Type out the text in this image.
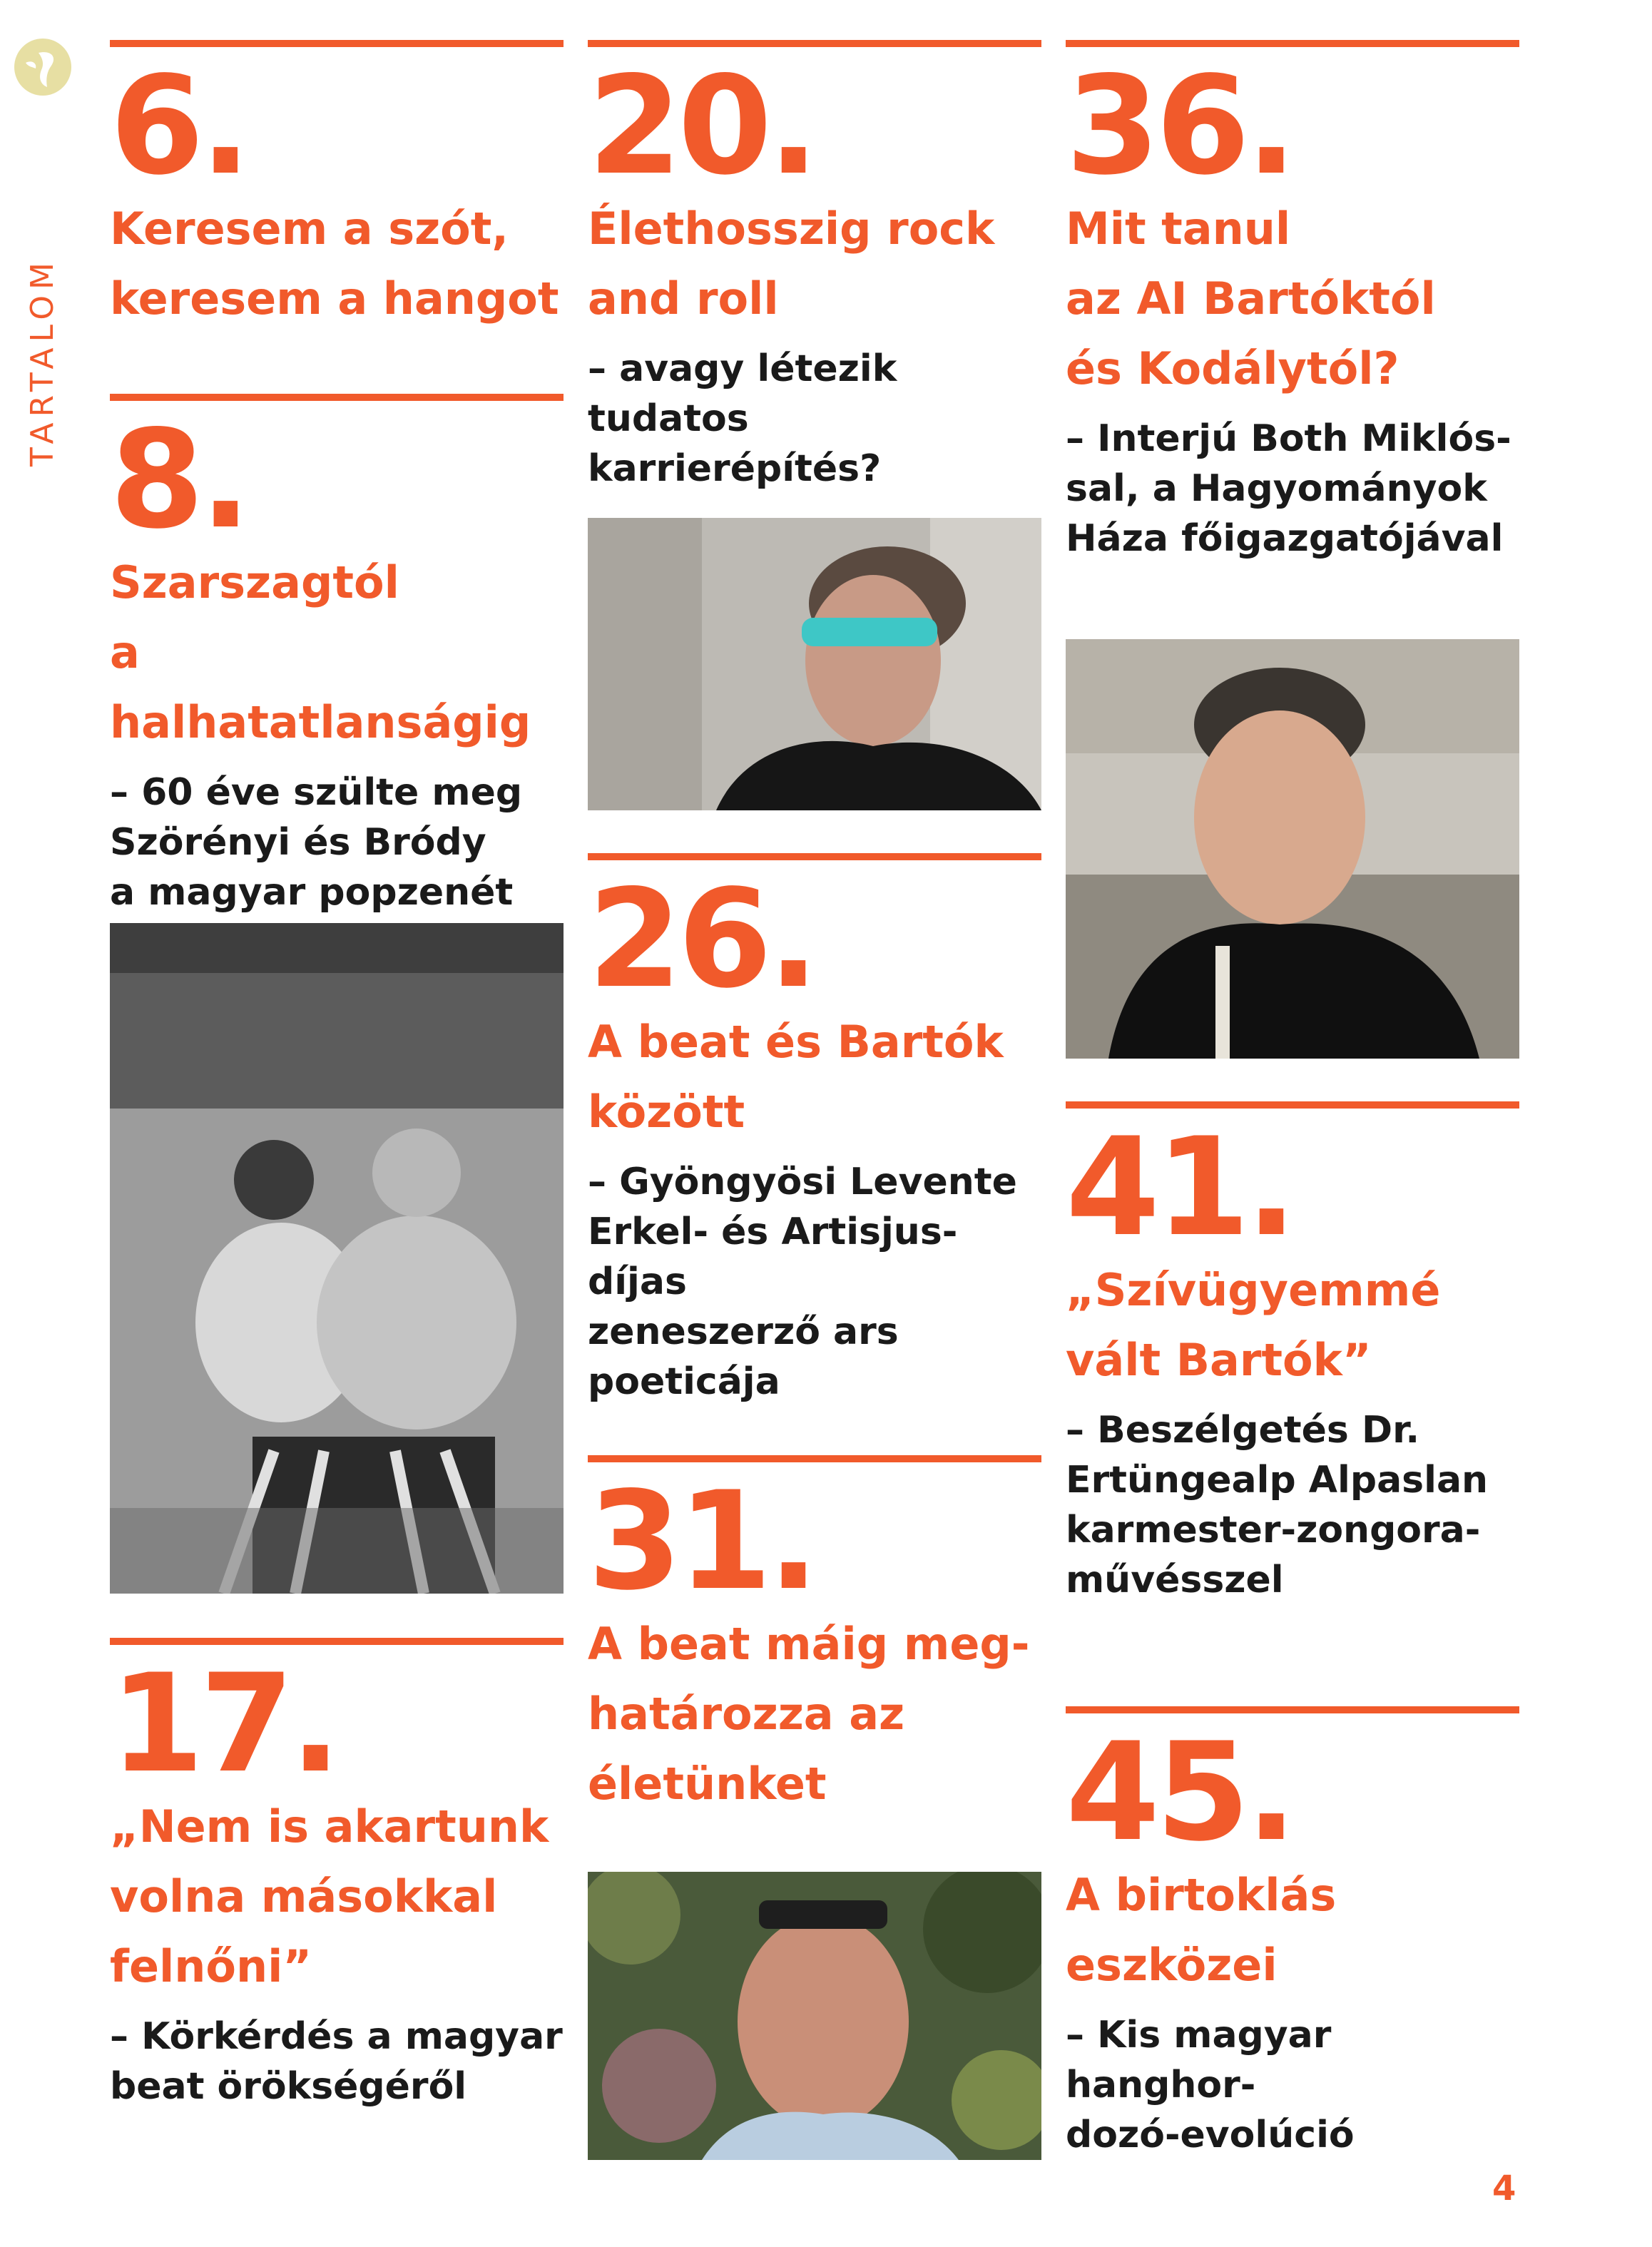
TARTALOM
6.
Keresem a szót,
keresem a hangot
8.
Szarszagtól
a halhatatlanságig
– 60 éve szülte meg
Szörényi és Bródy
a magyar popzenét
17.
„Nem is akartunk
volna másokkal
felnőni”
– Körkérdés a magyar
beat örökségéről
20.
Élethosszig rock
and roll
– avagy létezik tudatos
karrierépítés?
26.
A beat és Bartók
között
– Gyöngyösi Levente
Erkel- és Artisjus-díjas
zeneszerző ars
poeticája
31.
A beat máig meg-
határozza az
életünket
36.
Mit tanul
az AI Bartóktól
és Kodálytól?
– Interjú Both Miklós-
sal, a Hagyományok
Háza főigazgatójával
41.
„Szívügyemmé
vált Bartók”
– Beszélgetés Dr.
Ertüngealp Alpaslan
karmester-zongora-
művésszel
45.
A birtoklás
eszközei
– Kis magyar hanghor-
dozó-evolúció
4
